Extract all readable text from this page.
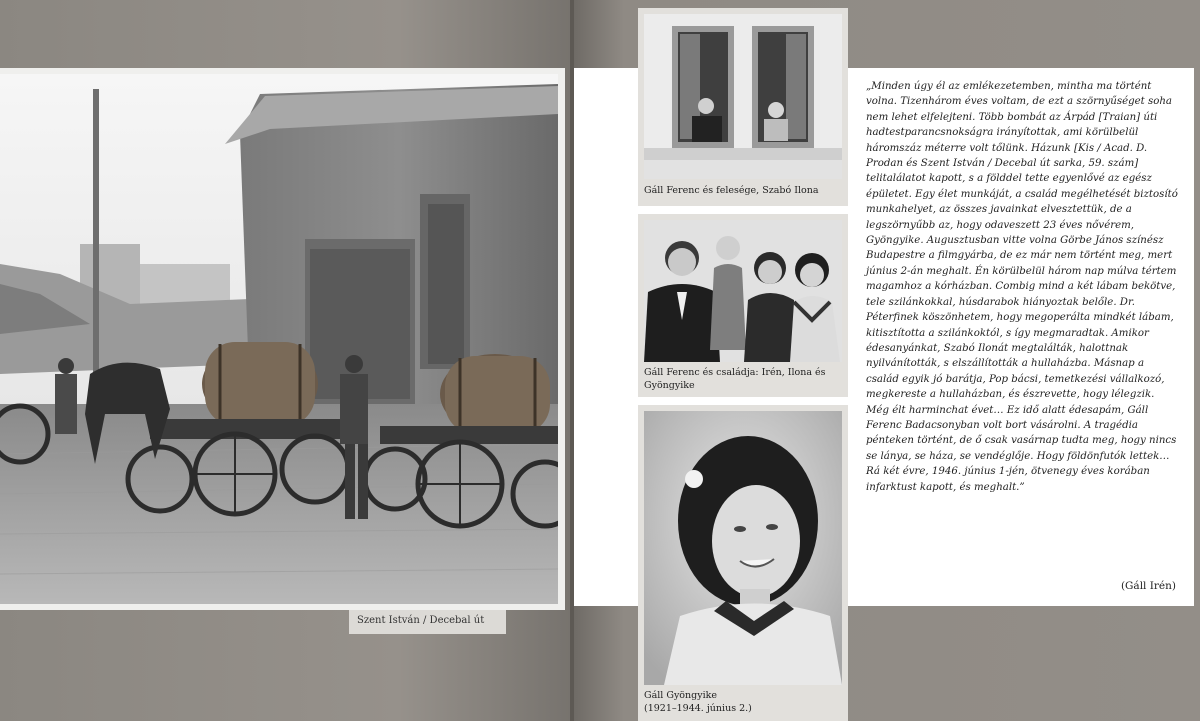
Szent István / Decebal út
Gáll Ferenc és felesége, Szabó Ilona
Gáll Ferenc és családja: Irén, Ilona és Gyöngyike
Gáll Gyöngyike
(1921–1944. június 2.)
„Minden úgy él az emlékezetemben, mintha ma történt volna. Tizenhárom éves voltam, de ezt a szörnyűséget soha nem lehet elfelejteni. Több bombát az Árpád [Traian] úti hadtestparancsnokságra irányítottak, ami körülbelül háromszáz méterre volt tőlünk. Házunk [Kis / Acad. D. Prodan és Szent István / Decebal út sarka, 59. szám] telitalálatot kapott, s a földdel tette egyenlővé az egész épületet. Egy élet munkáját, a család megélhetését biztosító munkahelyet, az összes javainkat elvesztettük, de a legszörnyűbb az, hogy odaveszett 23 éves nővérem, Gyöngyike. Augusztusban vitte volna Görbe János színész Budapestre a filmgyárba, de ez már nem történt meg, mert június 2-án meghalt. Én körülbelül három nap múlva tértem magamhoz a kórházban. Combig mind a két lábam bekötve, tele szilánkokkal, húsdarabok hiányoztak belőle. Dr. Péterfinek köszönhetem, hogy megoperálta mindkét lábam, kitisztította a szilánkoktól, s így megmaradtak. Amikor édesanyánkat, Szabó Ilonát megtalálták, halottnak nyilvánították, s elszállították a hullaházba. Másnap a család egyik jó barátja, Pop bácsi, temetkezési vállalkozó, megkereste a hullaházban, és észrevette, hogy lélegzik. Még élt harminchat évet… Ez idő alatt édesapám, Gáll Ferenc Badacsonyban volt bort vásárolni. A tragédia pénteken történt, de ő csak vasárnap tudta meg, hogy nincs se lánya, se háza, se vendéglője. Hogy földönfutók lettek… Rá két évre, 1946. június 1-jén, ötvenegy éves korában infarktust kapott, és meghalt.”
(Gáll Irén)
